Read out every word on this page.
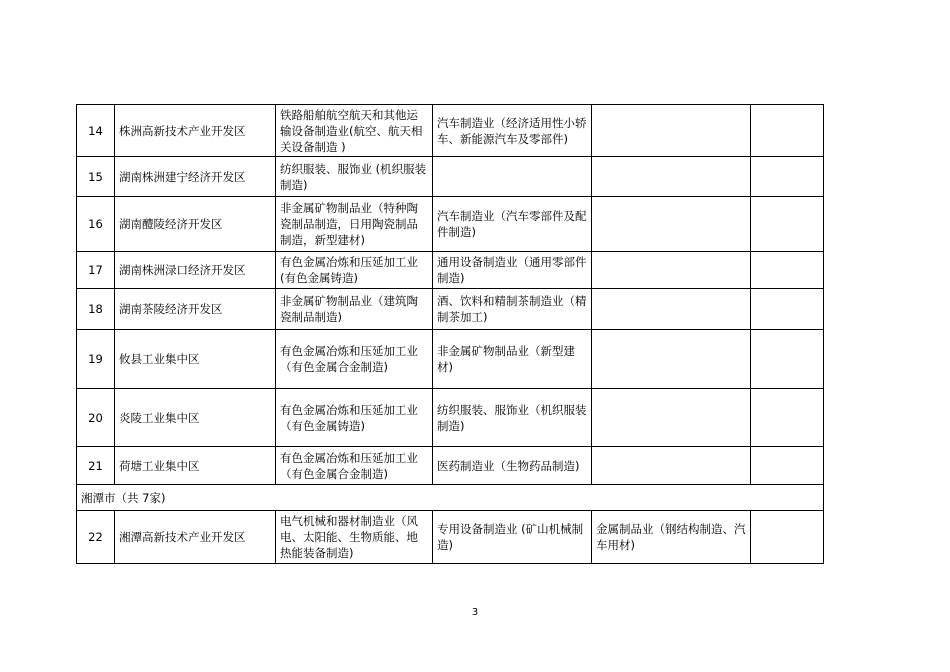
14	株洲高新技术产业开发区	铁路船舶航空航天和其他运输设备制造业(航空、航天相关设备制造 )	汽车制造业（经济适用性小轿车、新能源汽车及零部件)		
15	湖南株洲建宁经济开发区	纺织服装、服饰业 (机织服装制造)			
16	湖南醴陵经济开发区	非金属矿物制品业（特种陶瓷制品制造，日用陶瓷制品制造，新型建材)	汽车制造业（汽车零部件及配件制造)		
17	湖南株洲渌口经济开发区	有色金属冶炼和压延加工业(有色金属铸造)	通用设备制造业（通用零部件制造)		
18	湖南茶陵经济开发区	非金属矿物制品业（建筑陶瓷制品制造)	酒、饮料和精制茶制造业（精制茶加工)		
19	攸县工业集中区	有色金属冶炼和压延加工业（有色金属合金制造)	非金属矿物制品业（新型建材)		
20	炎陵工业集中区	有色金属冶炼和压延加工业（有色金属铸造)	纺织服装、服饰业（机织服装制造)		
21	荷塘工业集中区	有色金属冶炼和压延加工业（有色金属合金制造)	医药制造业（生物药品制造)		
湘潭市（共 7家)					
22	湘潭高新技术产业开发区	电气机械和器材制造业（风电、太阳能、生物质能、地热能装备制造)	专用设备制造业 (矿山机械制造)	金属制品业（钢结构制造、汽车用材)	
3
